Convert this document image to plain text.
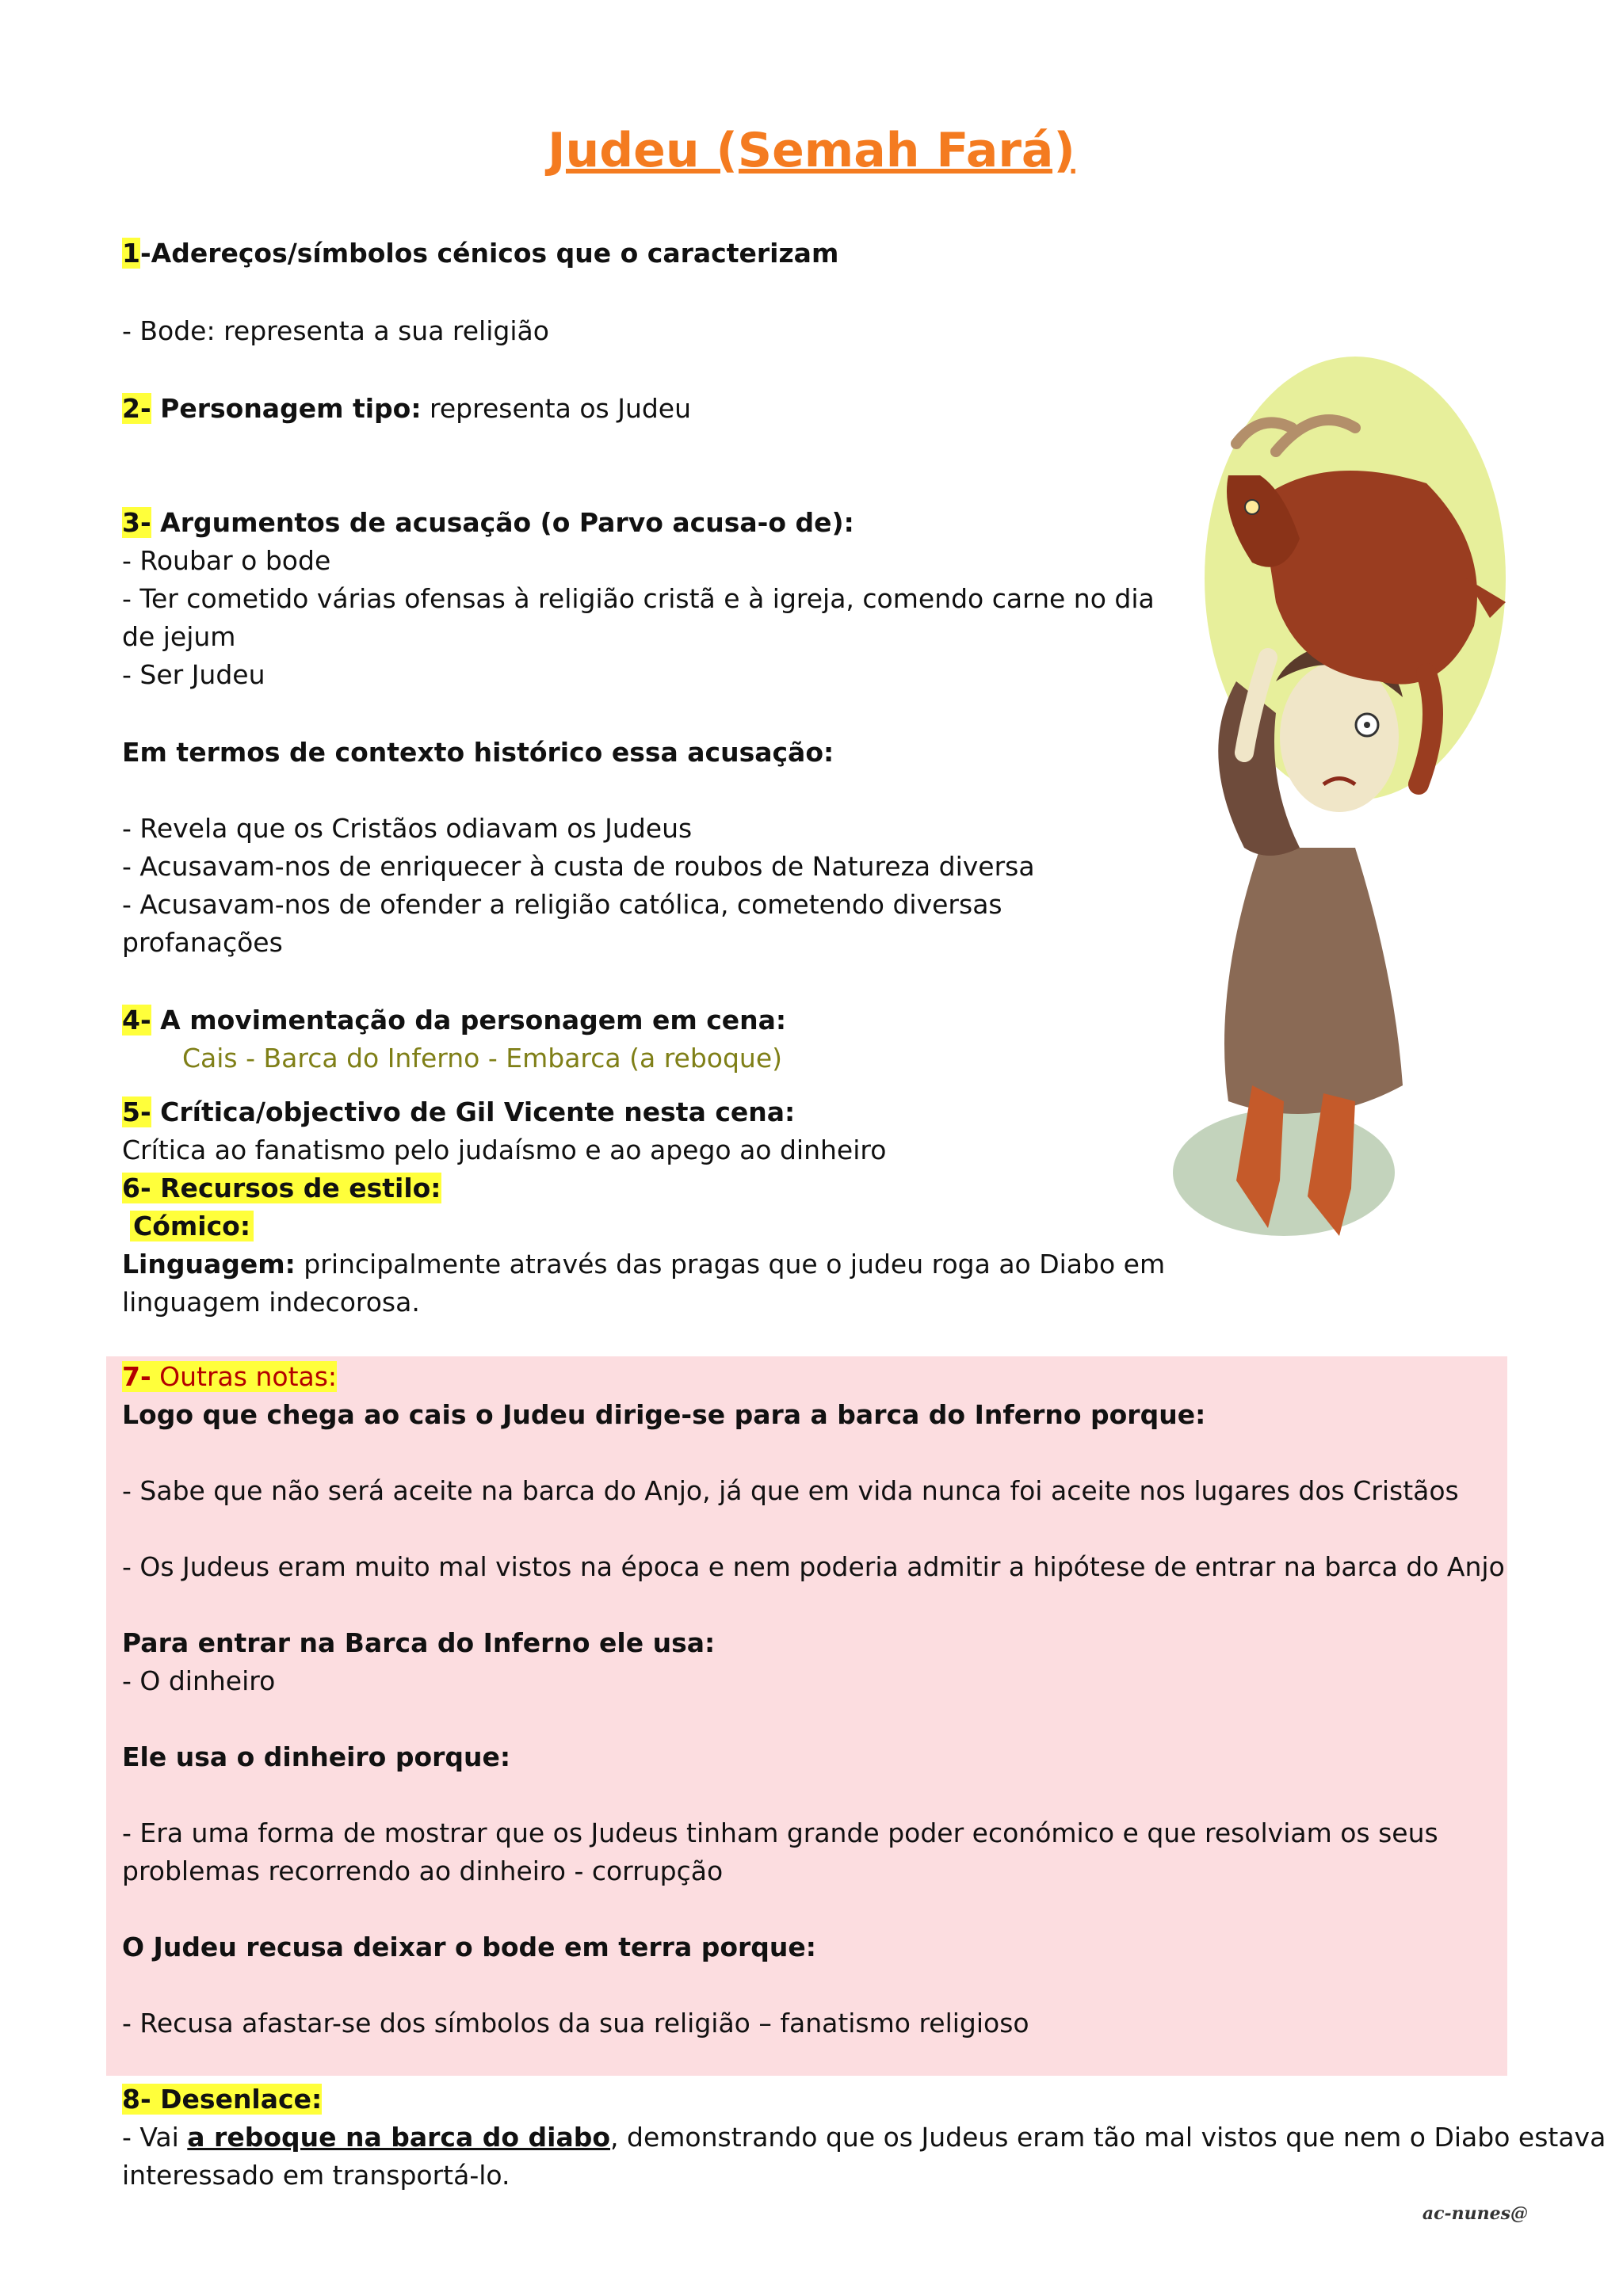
Judeu (Semah Fará)
1-Adereços/símbolos cénicos que o caracterizam
- Bode: representa a sua religião
2- Personagem tipo: representa os Judeu
3- Argumentos de acusação (o Parvo acusa-o de):
- Roubar o bode
- Ter cometido várias ofensas à religião cristã e à igreja, comendo carne no dia
de jejum
- Ser Judeu
Em termos de contexto histórico essa acusação:
- Revela que os Cristãos odiavam os Judeus
- Acusavam-nos de enriquecer à custa de roubos de Natureza diversa
- Acusavam-nos de ofender a religião católica, cometendo diversas
profanações
4- A movimentação da personagem em cena:
Cais - Barca do Inferno - Embarca (a reboque)
5- Crítica/objectivo de Gil Vicente nesta cena:
Crítica ao fanatismo pelo judaísmo e ao apego ao dinheiro
6- Recursos de estilo:
Cómico:
Linguagem: principalmente através das pragas que o judeu roga ao Diabo em
linguagem indecorosa.
7- Outras notas:
Logo que chega ao cais o Judeu dirige-se para a barca do Inferno porque:
- Sabe que não será aceite na barca do Anjo, já que em vida nunca foi aceite nos lugares dos Cristãos
- Os Judeus eram muito mal vistos na época e nem poderia admitir a hipótese de entrar na barca do Anjo
Para entrar na Barca do Inferno ele usa:
- O dinheiro
Ele usa o dinheiro porque:
- Era uma forma de mostrar que os Judeus tinham grande poder económico e que resolviam os seus
problemas recorrendo ao dinheiro - corrupção
O Judeu recusa deixar o bode em terra porque:
- Recusa afastar-se dos símbolos da sua religião – fanatismo religioso
8- Desenlace:
- Vai a reboque na barca do diabo, demonstrando que os Judeus eram tão mal vistos que nem o Diabo estava
interessado em transportá-lo.
ac-nunes@
